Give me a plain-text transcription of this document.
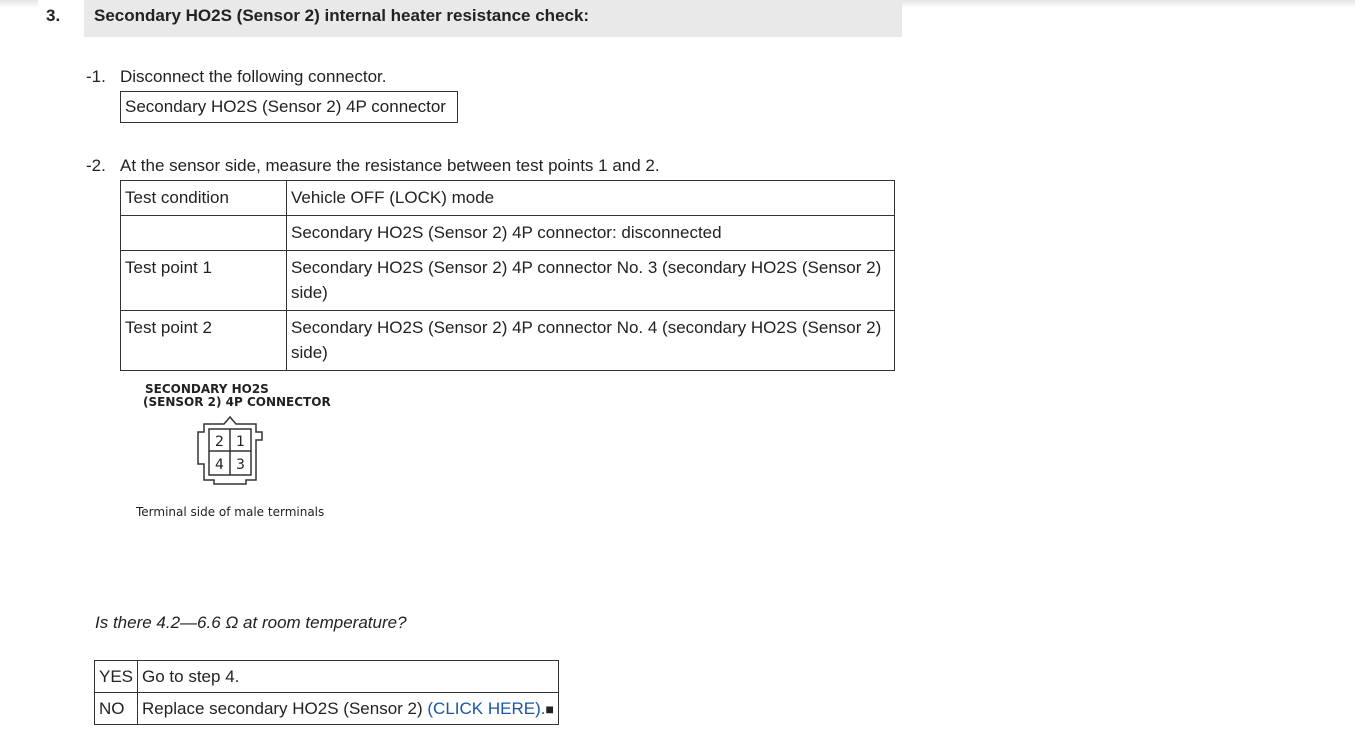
3.	Secondary HO2S (Sensor 2) internal heater resistance check:
-1. Disconnect the following connector.
Secondary HO2S (Sensor 2) 4P connector
-2. At the sensor side, measure the resistance between test points 1 and 2.
Test condition	Vehicle OFF (LOCK) mode
	Secondary HO2S (Sensor 2) 4P connector: disconnected
Test point 1	Secondary HO2S (Sensor 2) 4P connector No. 3 (secondary HO2S (Sensor 2) side)
Test point 2	Secondary HO2S (Sensor 2) 4P connector No. 4 (secondary HO2S (Sensor 2) side)
SECONDARY HO2S
(SENSOR 2) 4P CONNECTOR
2 1
4 3
Terminal side of male terminals
Is there 4.2—6.6 Ω at room temperature?
YES	Go to step 4.
NO	Replace secondary HO2S (Sensor 2) (CLICK HERE).■
